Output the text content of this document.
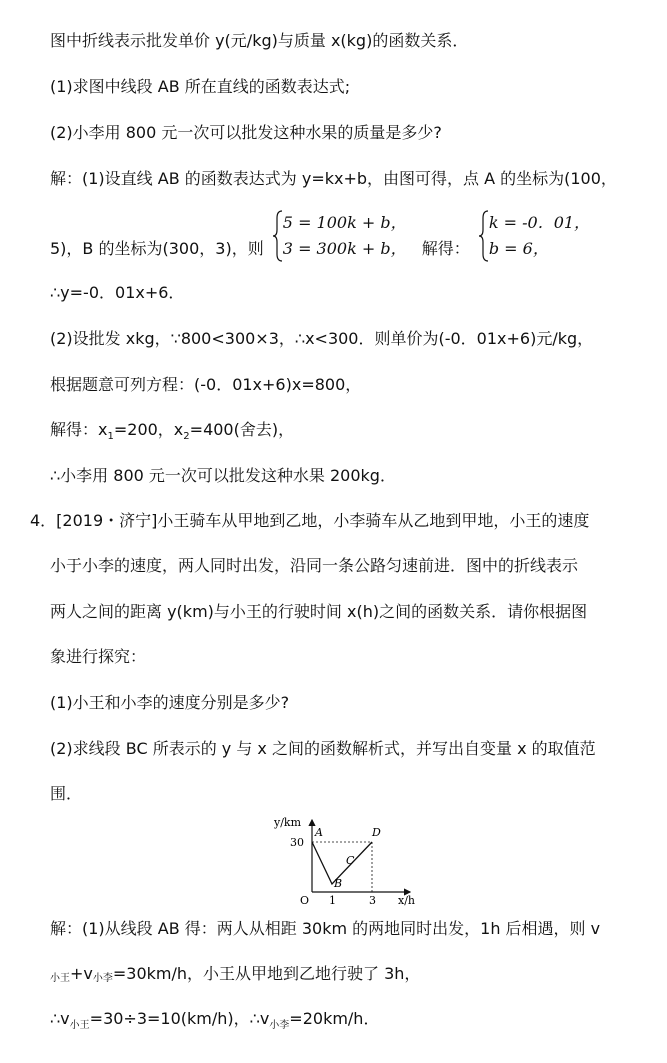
图中折线表示批发单价 y(元/kg)与质量 x(kg)的函数关系．
(1)求图中线段 AB 所在直线的函数表达式;
(2)小李用 800 元一次可以批发这种水果的质量是多少?
解：(1)设直线 AB 的函数表达式为 y=kx+b，由图可得，点 A 的坐标为(100，
5)，B 的坐标为(300，3)，则
5 = 100k + b，
3 = 300k + b， 解得：
k = -0．01，
b = 6，
∴y=-0．01x+6．
(2)设批发 xkg，∵800<300×3，∴x<300．则单价为(-0．01x+6)元/kg，
根据题意可列方程：(-0．01x+6)x=800，
解得：$x_1=200$，$x_2=400$(舍去)，
∴小李用 800 元一次可以批发这种水果 200kg．
4．[2019・济宁]小王骑车从甲地到乙地，小李骑车从乙地到甲地，小王的速度
小于小李的速度，两人同时出发，沿同一条公路匀速前进．图中的折线表示
两人之间的距离 y(km)与小王的行驶时间 x(h)之间的函数关系．请你根据图
象进行探究：
(1)小王和小李的速度分别是多少?
(2)求线段 BC 所表示的 y 与 x 之间的函数解析式，并写出自变量 x 的取值范
围．
y/km
x/h
O
30
1	3
A
B
C
D
解：(1)从线段 AB 得：两人从相距 30km 的两地同时出发，1h 后相遇，则 v
小王+v小李=30km/h，小王从甲地到乙地行驶了 3h，
$\therefore v_{小王}=30\div 3=10(km/h)$，$\therefore v_{小李}=20km/h$．
